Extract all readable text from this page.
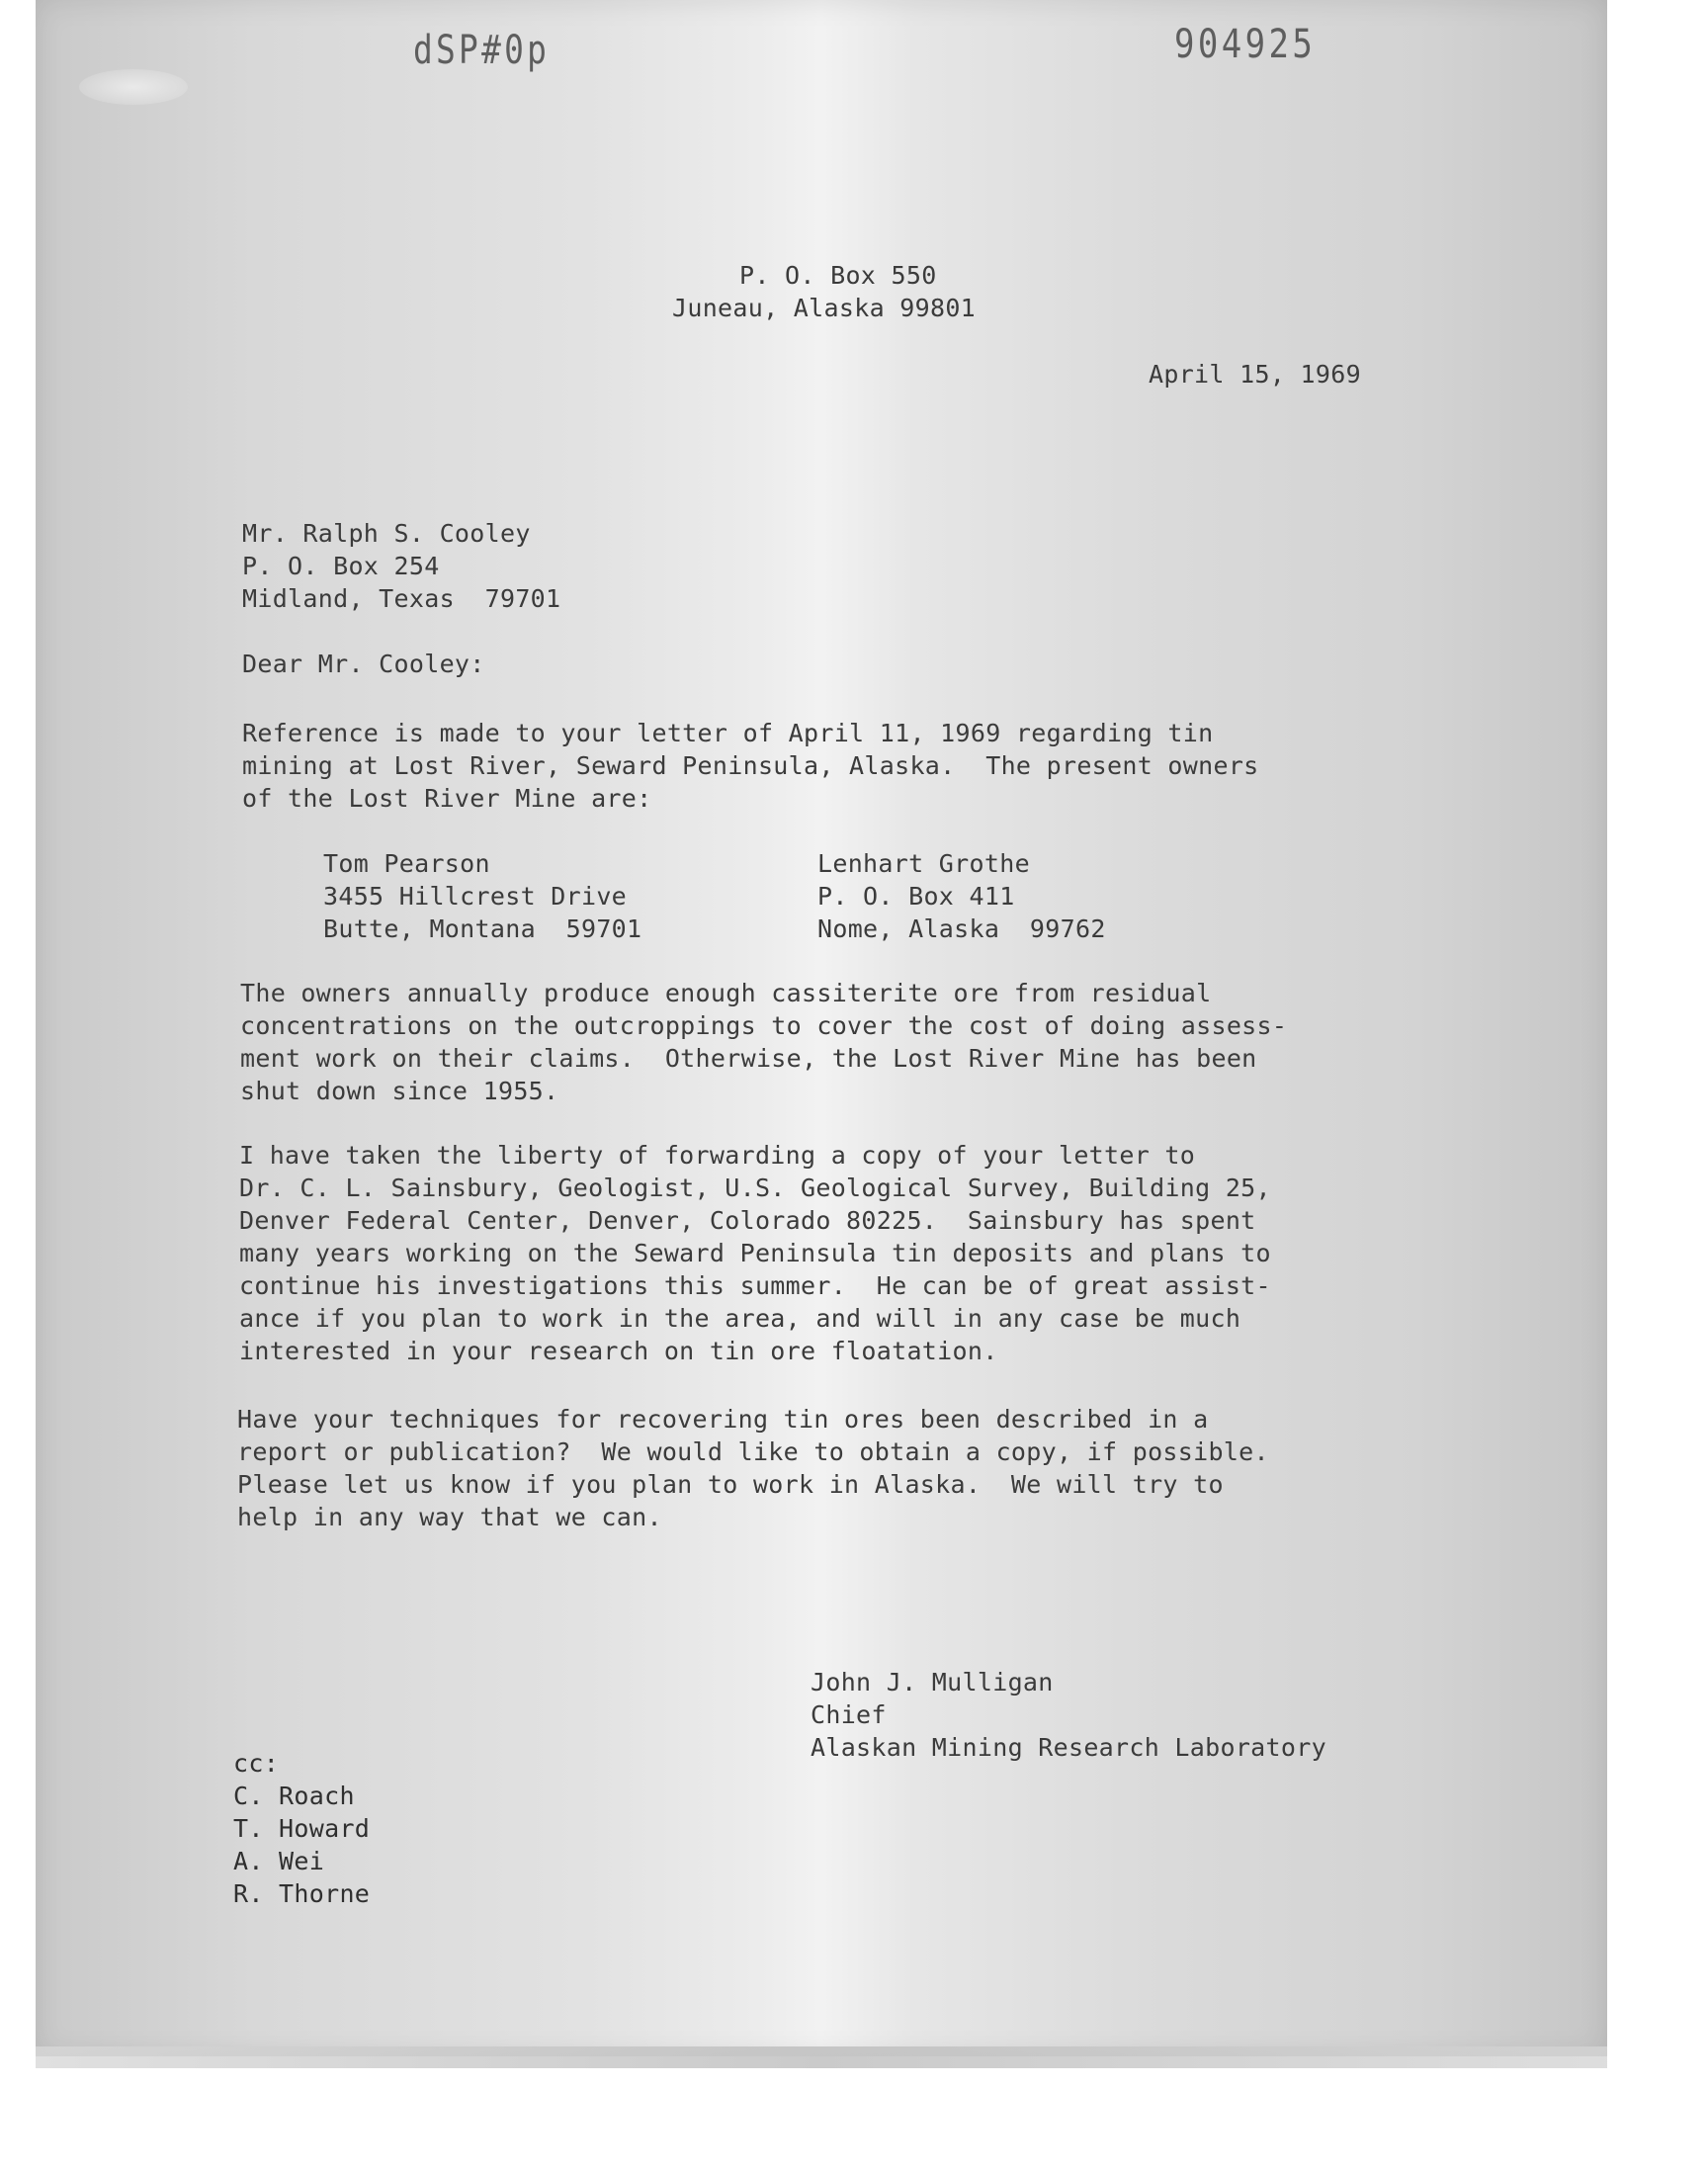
dSP#0p	904925
P. O. Box 550
Juneau, Alaska 99801
April 15, 1969
Mr. Ralph S. Cooley
P. O. Box 254
Midland, Texas  79701
Dear Mr. Cooley:
Reference is made to your letter of April 11, 1969 regarding tin
mining at Lost River, Seward Peninsula, Alaska.  The present owners
of the Lost River Mine are:
Tom Pearson
3455 Hillcrest Drive
Butte, Montana  59701
Lenhart Grothe
P. O. Box 411
Nome, Alaska  99762
The owners annually produce enough cassiterite ore from residual
concentrations on the outcroppings to cover the cost of doing assess-
ment work on their claims.  Otherwise, the Lost River Mine has been
shut down since 1955.
I have taken the liberty of forwarding a copy of your letter to
Dr. C. L. Sainsbury, Geologist, U.S. Geological Survey, Building 25,
Denver Federal Center, Denver, Colorado 80225.  Sainsbury has spent
many years working on the Seward Peninsula tin deposits and plans to
continue his investigations this summer.  He can be of great assist-
ance if you plan to work in the area, and will in any case be much
interested in your research on tin ore floatation.
Have your techniques for recovering tin ores been described in a
report or publication?  We would like to obtain a copy, if possible.
Please let us know if you plan to work in Alaska.  We will try to
help in any way that we can.
John J. Mulligan
Chief
Alaskan Mining Research Laboratory
cc:
C. Roach
T. Howard
A. Wei
R. Thorne
